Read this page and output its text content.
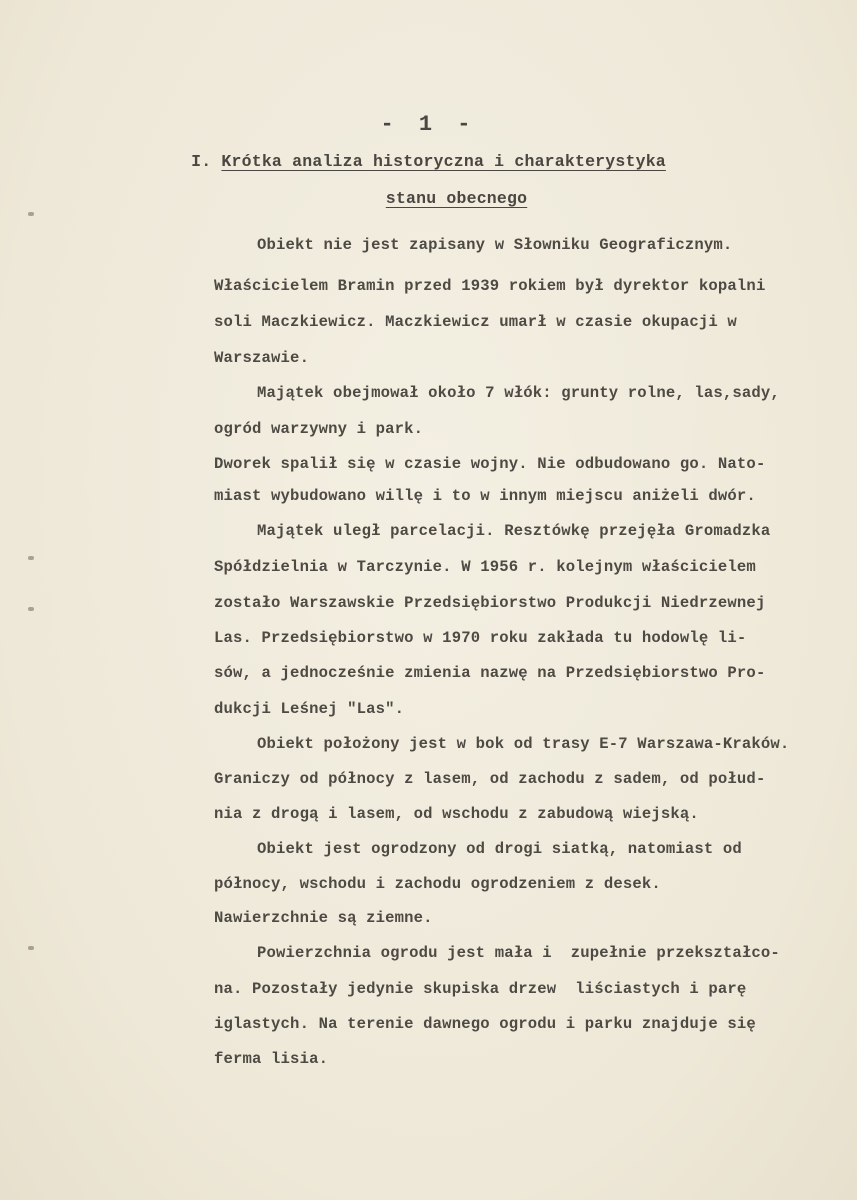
- 1 -
I. Krótka analiza historyczna i charakterystyka
stanu obecnego
Obiekt nie jest zapisany w Słowniku Geograficznym.
Właścicielem Bramin przed 1939 rokiem był dyrektor kopalni
soli Maczkiewicz. Maczkiewicz umarł w czasie okupacji w
Warszawie.
Majątek obejmował około 7 włók: grunty rolne, las,sady,
ogród warzywny i park.
Dworek spalił się w czasie wojny. Nie odbudowano go. Nato-
miast wybudowano willę i to w innym miejscu aniżeli dwór.
Majątek uległ parcelacji. Resztówkę przejęła Gromadzka
Spółdzielnia w Tarczynie. W 1956 r. kolejnym właścicielem
zostało Warszawskie Przedsiębiorstwo Produkcji Niedrzewnej
Las. Przedsiębiorstwo w 1970 roku zakłada tu hodowlę li-
sów, a jednocześnie zmienia nazwę na Przedsiębiorstwo Pro-
dukcji Leśnej "Las".
Obiekt położony jest w bok od trasy E-7 Warszawa-Kraków.
Graniczy od północy z lasem, od zachodu z sadem, od połud-
nia z drogą i lasem, od wschodu z zabudową wiejską.
Obiekt jest ogrodzony od drogi siatką, natomiast od
północy, wschodu i zachodu ogrodzeniem z desek.
Nawierzchnie są ziemne.
Powierzchnia ogrodu jest mała i  zupełnie przekształco-
na. Pozostały jedynie skupiska drzew  liściastych i parę
iglastych. Na terenie dawnego ogrodu i parku znajduje się
ferma lisia.
